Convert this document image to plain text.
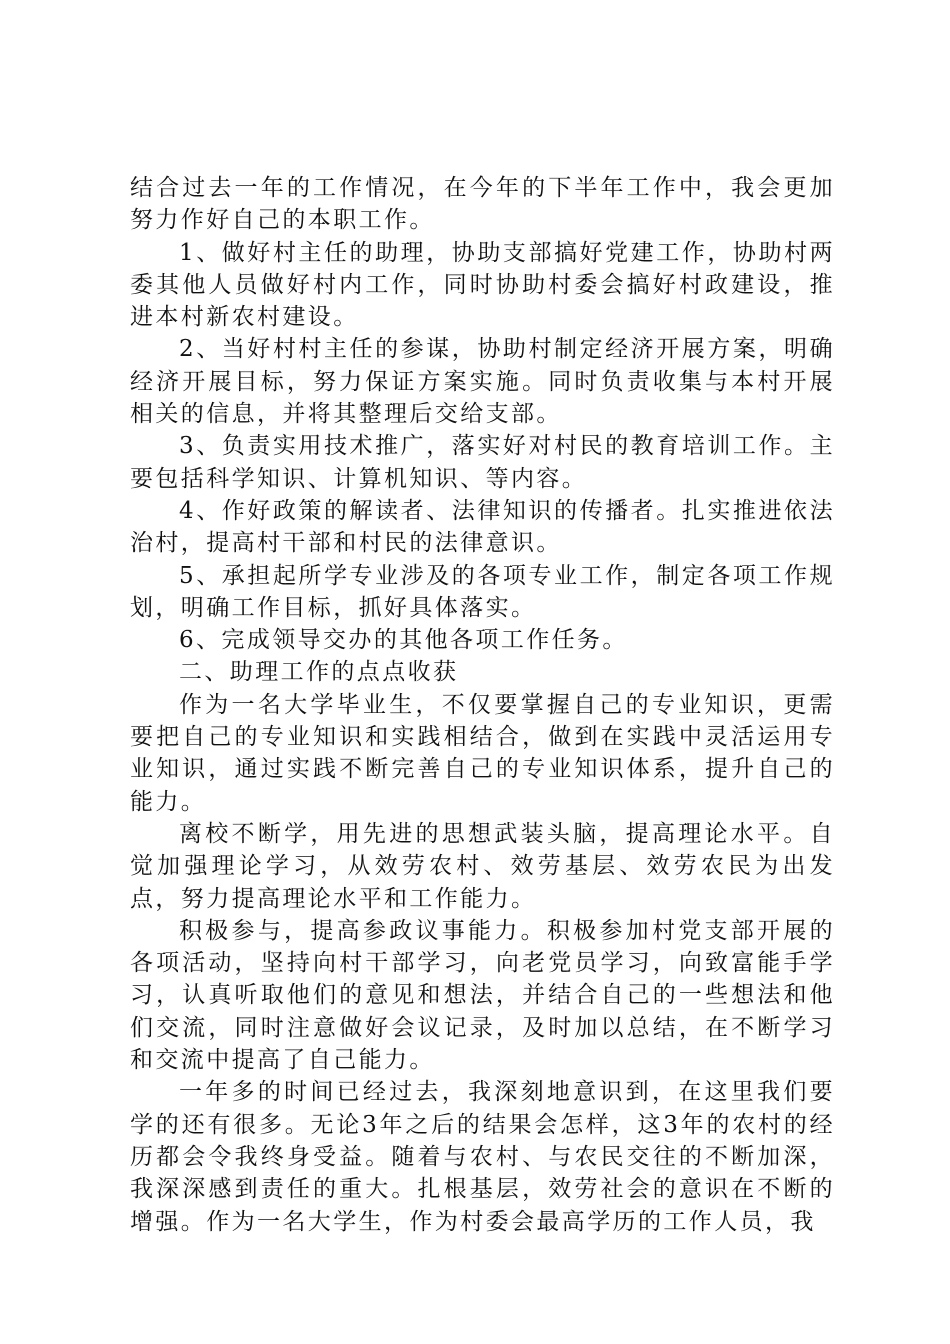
结合过去一年的工作情况，在今年的下半年工作中，我会更加努力作好自己的本职工作。

1、做好村主任的助理，协助支部搞好党建工作，协助村两委其他人员做好村内工作，同时协助村委会搞好村政建设，推进本村新农村建设。

2、当好村村主任的参谋，协助村制定经济开展方案，明确经济开展目标，努力保证方案实施。同时负责收集与本村开展相关的信息，并将其整理后交给支部。

3、负责实用技术推广，落实好对村民的教育培训工作。主要包括科学知识、计算机知识、等内容。

4、作好政策的解读者、法律知识的传播者。扎实推进依法治村，提高村干部和村民的法律意识。

5、承担起所学专业涉及的各项专业工作，制定各项工作规划，明确工作目标，抓好具体落实。

6、完成领导交办的其他各项工作任务。

二、助理工作的点点收获

作为一名大学毕业生，不仅要掌握自己的专业知识，更需要把自己的专业知识和实践相结合，做到在实践中灵活运用专业知识，通过实践不断完善自己的专业知识体系，提升自己的能力。

离校不断学，用先进的思想武装头脑，提高理论水平。自觉加强理论学习，从效劳农村、效劳基层、效劳农民为出发点，努力提高理论水平和工作能力。

积极参与，提高参政议事能力。积极参加村党支部开展的各项活动，坚持向村干部学习，向老党员学习，向致富能手学习，认真听取他们的意见和想法，并结合自己的一些想法和他们交流，同时注意做好会议记录，及时加以总结，在不断学习和交流中提高了自己能力。

一年多的时间已经过去，我深刻地意识到，在这里我们要学的还有很多。无论3年之后的结果会怎样，这3年的农村的经历都会令我终身受益。随着与农村、与农民交往的不断加深，我深深感到责任的重大。扎根基层，效劳社会的意识在不断的增强。作为一名大学生，作为村委会最高学历的工作人员，我
